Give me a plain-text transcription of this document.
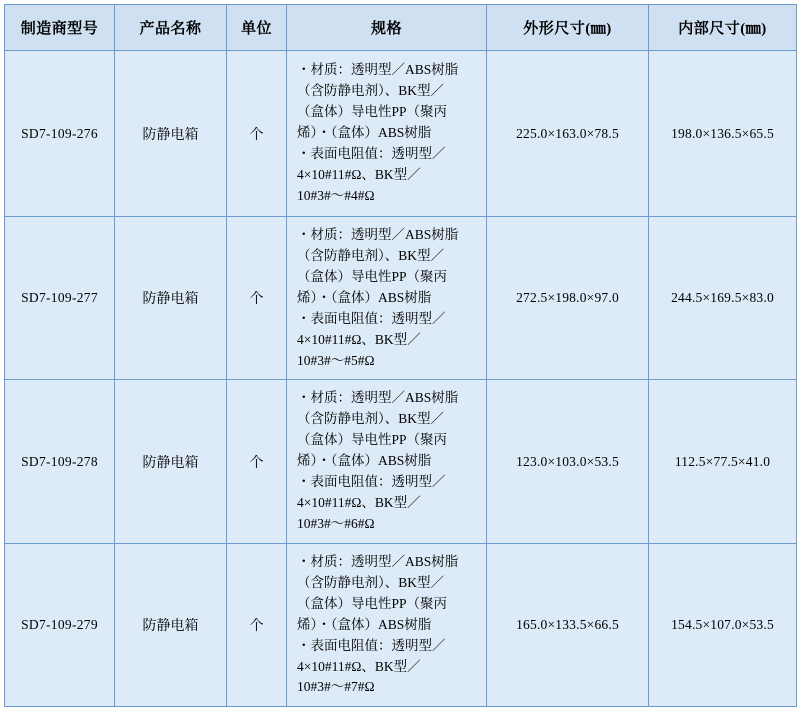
制造商型号	产品名称	单位	规格	外形尺寸(㎜)	内部尺寸(㎜)
SD7-109-276	防静电箱	个	
・材质：透明型／ABS树脂
（含防静电剂）、BK型／
（盒体）导电性PP（聚丙
烯）・（盒体）ABS树脂
・表面电阻值：透明型／
4×10#11#Ω、BK型／
10#3#～#4#Ω
	225.0×163.0×78.5	198.0×136.5×65.5
SD7-109-277	防静电箱	个	
・材质：透明型／ABS树脂
（含防静电剂）、BK型／
（盒体）导电性PP（聚丙
烯）・（盒体）ABS树脂
・表面电阻值：透明型／
4×10#11#Ω、BK型／
10#3#～#5#Ω
	272.5×198.0×97.0	244.5×169.5×83.0
SD7-109-278	防静电箱	个	
・材质：透明型／ABS树脂
（含防静电剂）、BK型／
（盒体）导电性PP（聚丙
烯）・（盒体）ABS树脂
・表面电阻值：透明型／
4×10#11#Ω、BK型／
10#3#～#6#Ω
	123.0×103.0×53.5	112.5×77.5×41.0
SD7-109-279	防静电箱	个	
・材质：透明型／ABS树脂
（含防静电剂）、BK型／
（盒体）导电性PP（聚丙
烯）・（盒体）ABS树脂
・表面电阻值：透明型／
4×10#11#Ω、BK型／
10#3#～#7#Ω
	165.0×133.5×66.5	154.5×107.0×53.5
